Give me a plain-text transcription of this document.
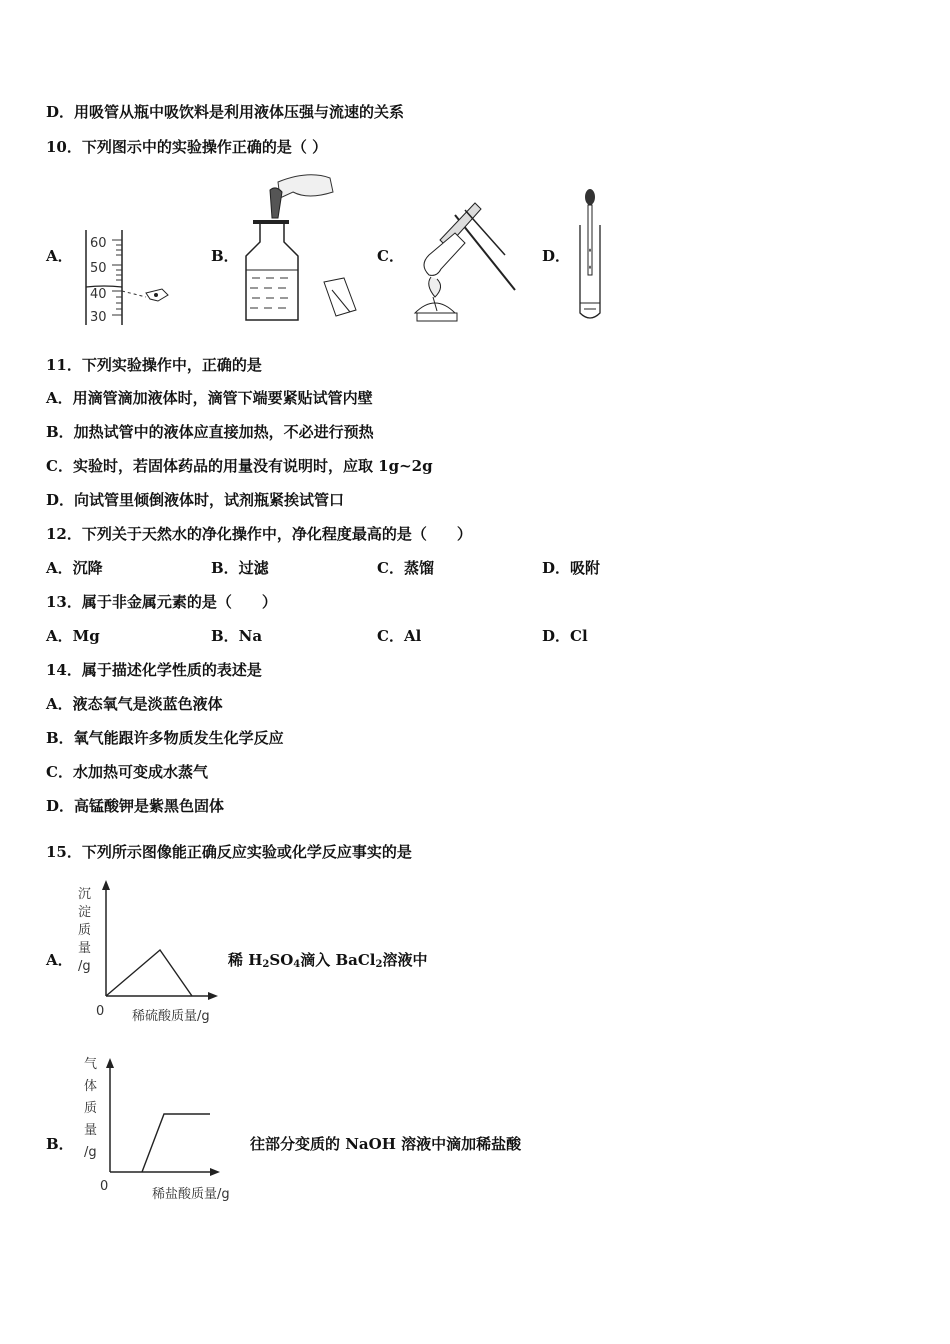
D．用吸管从瓶中吸饮料是利用液体压强与流速的关系
10．下列图示中的实验操作正确的是（ ）
A．
60
50
40
30
B．	C．	D．
11．下列实验操作中，正确的是
A．用滴管滴加液体时，滴管下端要紧贴试管内壁
B．加热试管中的液体应直接加热，不必进行预热
C．实验时，若固体药品的用量没有说明时，应取 1g~2g
D．向试管里倾倒液体时，试剂瓶紧挨试管口
12．下列关于天然水的净化操作中，净化程度最高的是（　　）
A．沉降	B．过滤	C．蒸馏	D．吸附
13．属于非金属元素的是（　　）
A．Mg	B．Na	C．Al	D．Cl
14．属于描述化学性质的表述是
A．液态氧气是淡蓝色液体
B．氧气能跟许多物质发生化学反应
C．水加热可变成水蒸气
D．高锰酸钾是紫黑色固体
15．下列所示图像能正确反应实验或化学反应事实的是
A．
沉
淀
质
量
/g
0 稀硫酸质量/g
稀 $H_2SO_4$滴入 BaCl$_2$溶液中
B．
气
体
质
量
/g
0
稀盐酸质量/g
往部分变质的 NaOH 溶液中滴加稀盐酸
